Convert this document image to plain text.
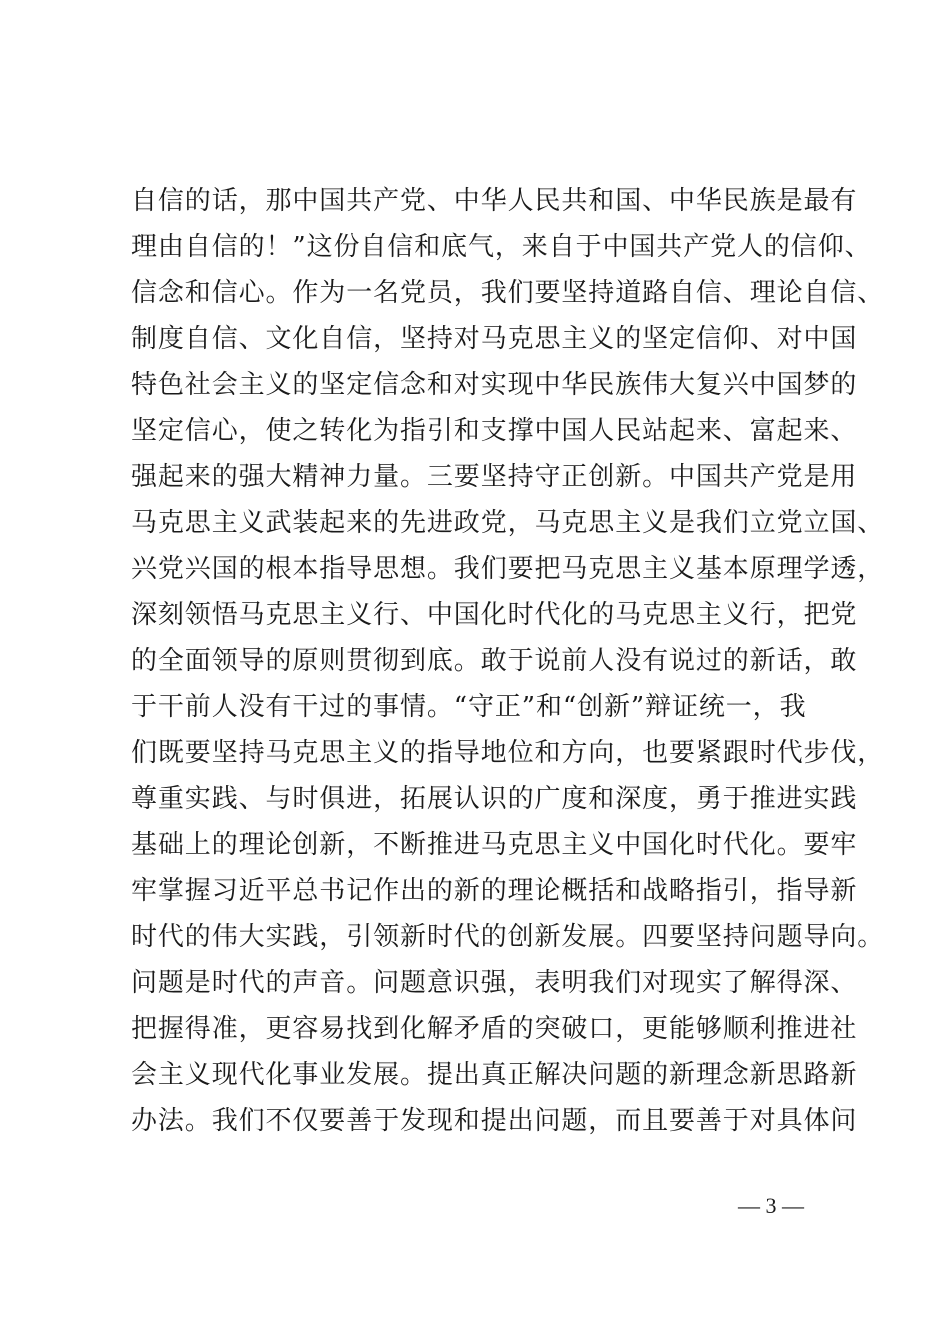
自信的话，那中国共产党、中华人民共和国、中华民族是最有
理由自信的！”这份自信和底气，来自于中国共产党人的信仰、
信念和信心。作为一名党员，我们要坚持道路自信、理论自信、
制度自信、文化自信，坚持对马克思主义的坚定信仰、对中国
特色社会主义的坚定信念和对实现中华民族伟大复兴中国梦的
坚定信心，使之转化为指引和支撑中国人民站起来、富起来、
强起来的强大精神力量。三要坚持守正创新。中国共产党是用
马克思主义武装起来的先进政党，马克思主义是我们立党立国、
兴党兴国的根本指导思想。我们要把马克思主义基本原理学透，
深刻领悟马克思主义行、中国化时代化的马克思主义行，把党
的全面领导的原则贯彻到底。敢于说前人没有说过的新话，敢
于干前人没有干过的事情。“守正”和“创新”辩证统一，我
们既要坚持马克思主义的指导地位和方向，也要紧跟时代步伐，
尊重实践、与时俱进，拓展认识的广度和深度，勇于推进实践
基础上的理论创新，不断推进马克思主义中国化时代化。要牢
牢掌握习近平总书记作出的新的理论概括和战略指引，指导新
时代的伟大实践，引领新时代的创新发展。四要坚持问题导向。
问题是时代的声音。问题意识强，表明我们对现实了解得深、
把握得准，更容易找到化解矛盾的突破口，更能够顺利推进社
会主义现代化事业发展。提出真正解决问题的新理念新思路新
办法。我们不仅要善于发现和提出问题，而且要善于对具体问
— 3 —
